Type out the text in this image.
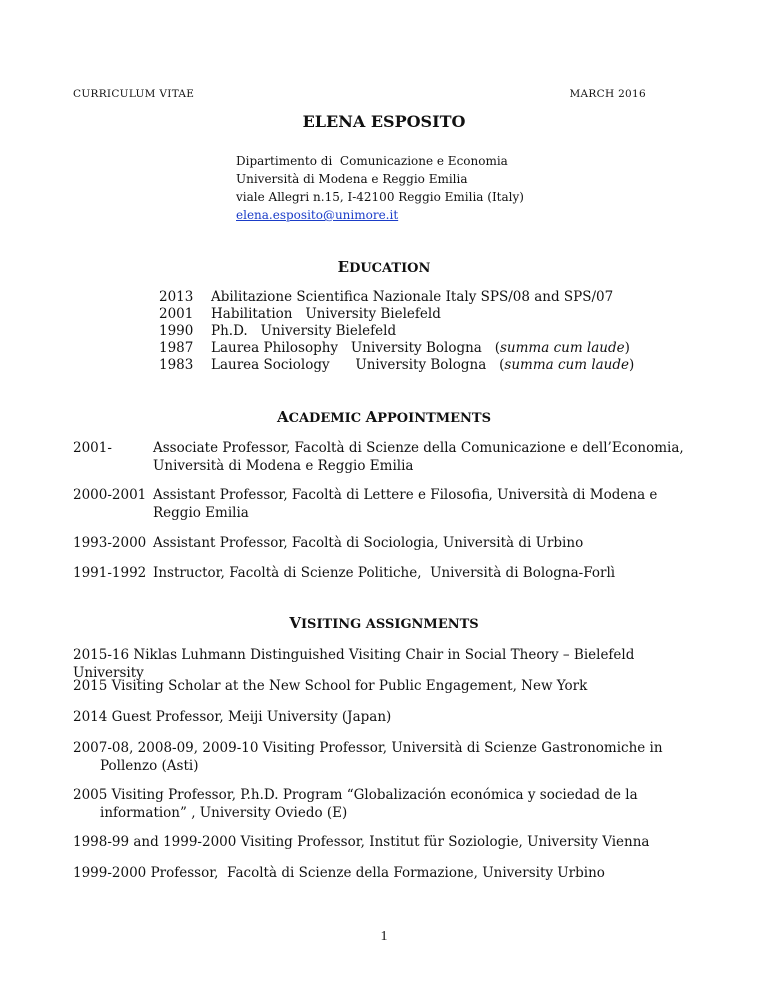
CURRICULUM VITAE	MARCH 2016
ELENA ESPOSITO
Dipartimento di  Comunicazione e Economia
Università di Modena e Reggio Emilia
viale Allegri n.15, I-42100 Reggio Emilia (Italy)
elena.esposito@unimore.it
EDUCATION
2013	Abilitazione Scientifica Nazionale Italy SPS/08 and SPS/07
2001	Habilitation   University Bielefeld
1990	Ph.D.   University Bielefeld
1987	Laurea Philosophy   University Bologna   (summa cum laude)
1983	Laurea Sociology      University Bologna   (summa cum laude)
ACADEMIC APPOINTMENTS
2001-	Associate Professor, Facoltà di Scienze della Comunicazione e dell’Economia, Università di Modena e Reggio Emilia
2000-2001 Assistant Professor, Facoltà di Lettere e Filosofia, Università di Modena e Reggio Emilia
1993-2000 Assistant Professor, Facoltà di Sociologia, Università di Urbino
1991-1992 Instructor, Facoltà di Scienze Politiche,  Università di Bologna-Forlì
VISITING ASSIGNMENTS
2015-16 Niklas Luhmann Distinguished Visiting Chair in Social Theory – Bielefeld University
2015 Visiting Scholar at the New School for Public Engagement, New York
2014 Guest Professor, Meiji University (Japan)
2007-08, 2008-09, 2009-10 Visiting Professor, Università di Scienze Gastronomiche in
Pollenzo (Asti)
2005 Visiting Professor, P.h.D. Program “Globalización económica y sociedad de la
information” , University Oviedo (E)
1998-99 and 1999-2000 Visiting Professor, Institut für Soziologie, University Vienna
1999-2000 Professor,  Facoltà di Scienze della Formazione, University Urbino
1
